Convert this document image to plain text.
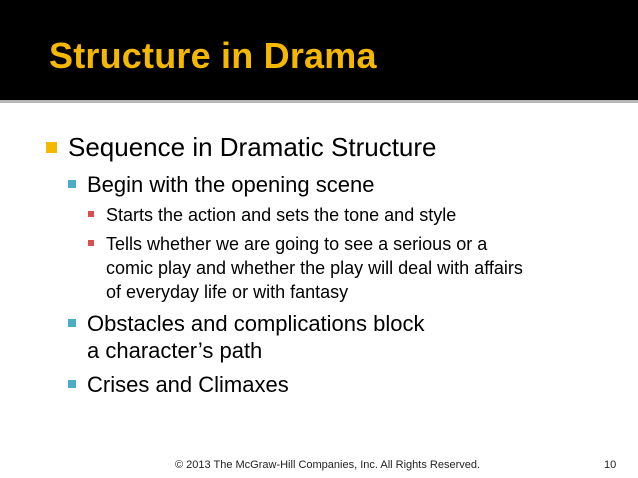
Structure in Drama
Sequence in Dramatic Structure
Begin with the opening scene
Starts the action and sets the tone and style
Tells whether we are going to see a serious or a
comic play and whether the play will deal with affairs
of everyday life or with fantasy
Obstacles and complications block
a character’s path
Crises and Climaxes
© 2013 The McGraw-Hill Companies, Inc. All Rights Reserved.	10
